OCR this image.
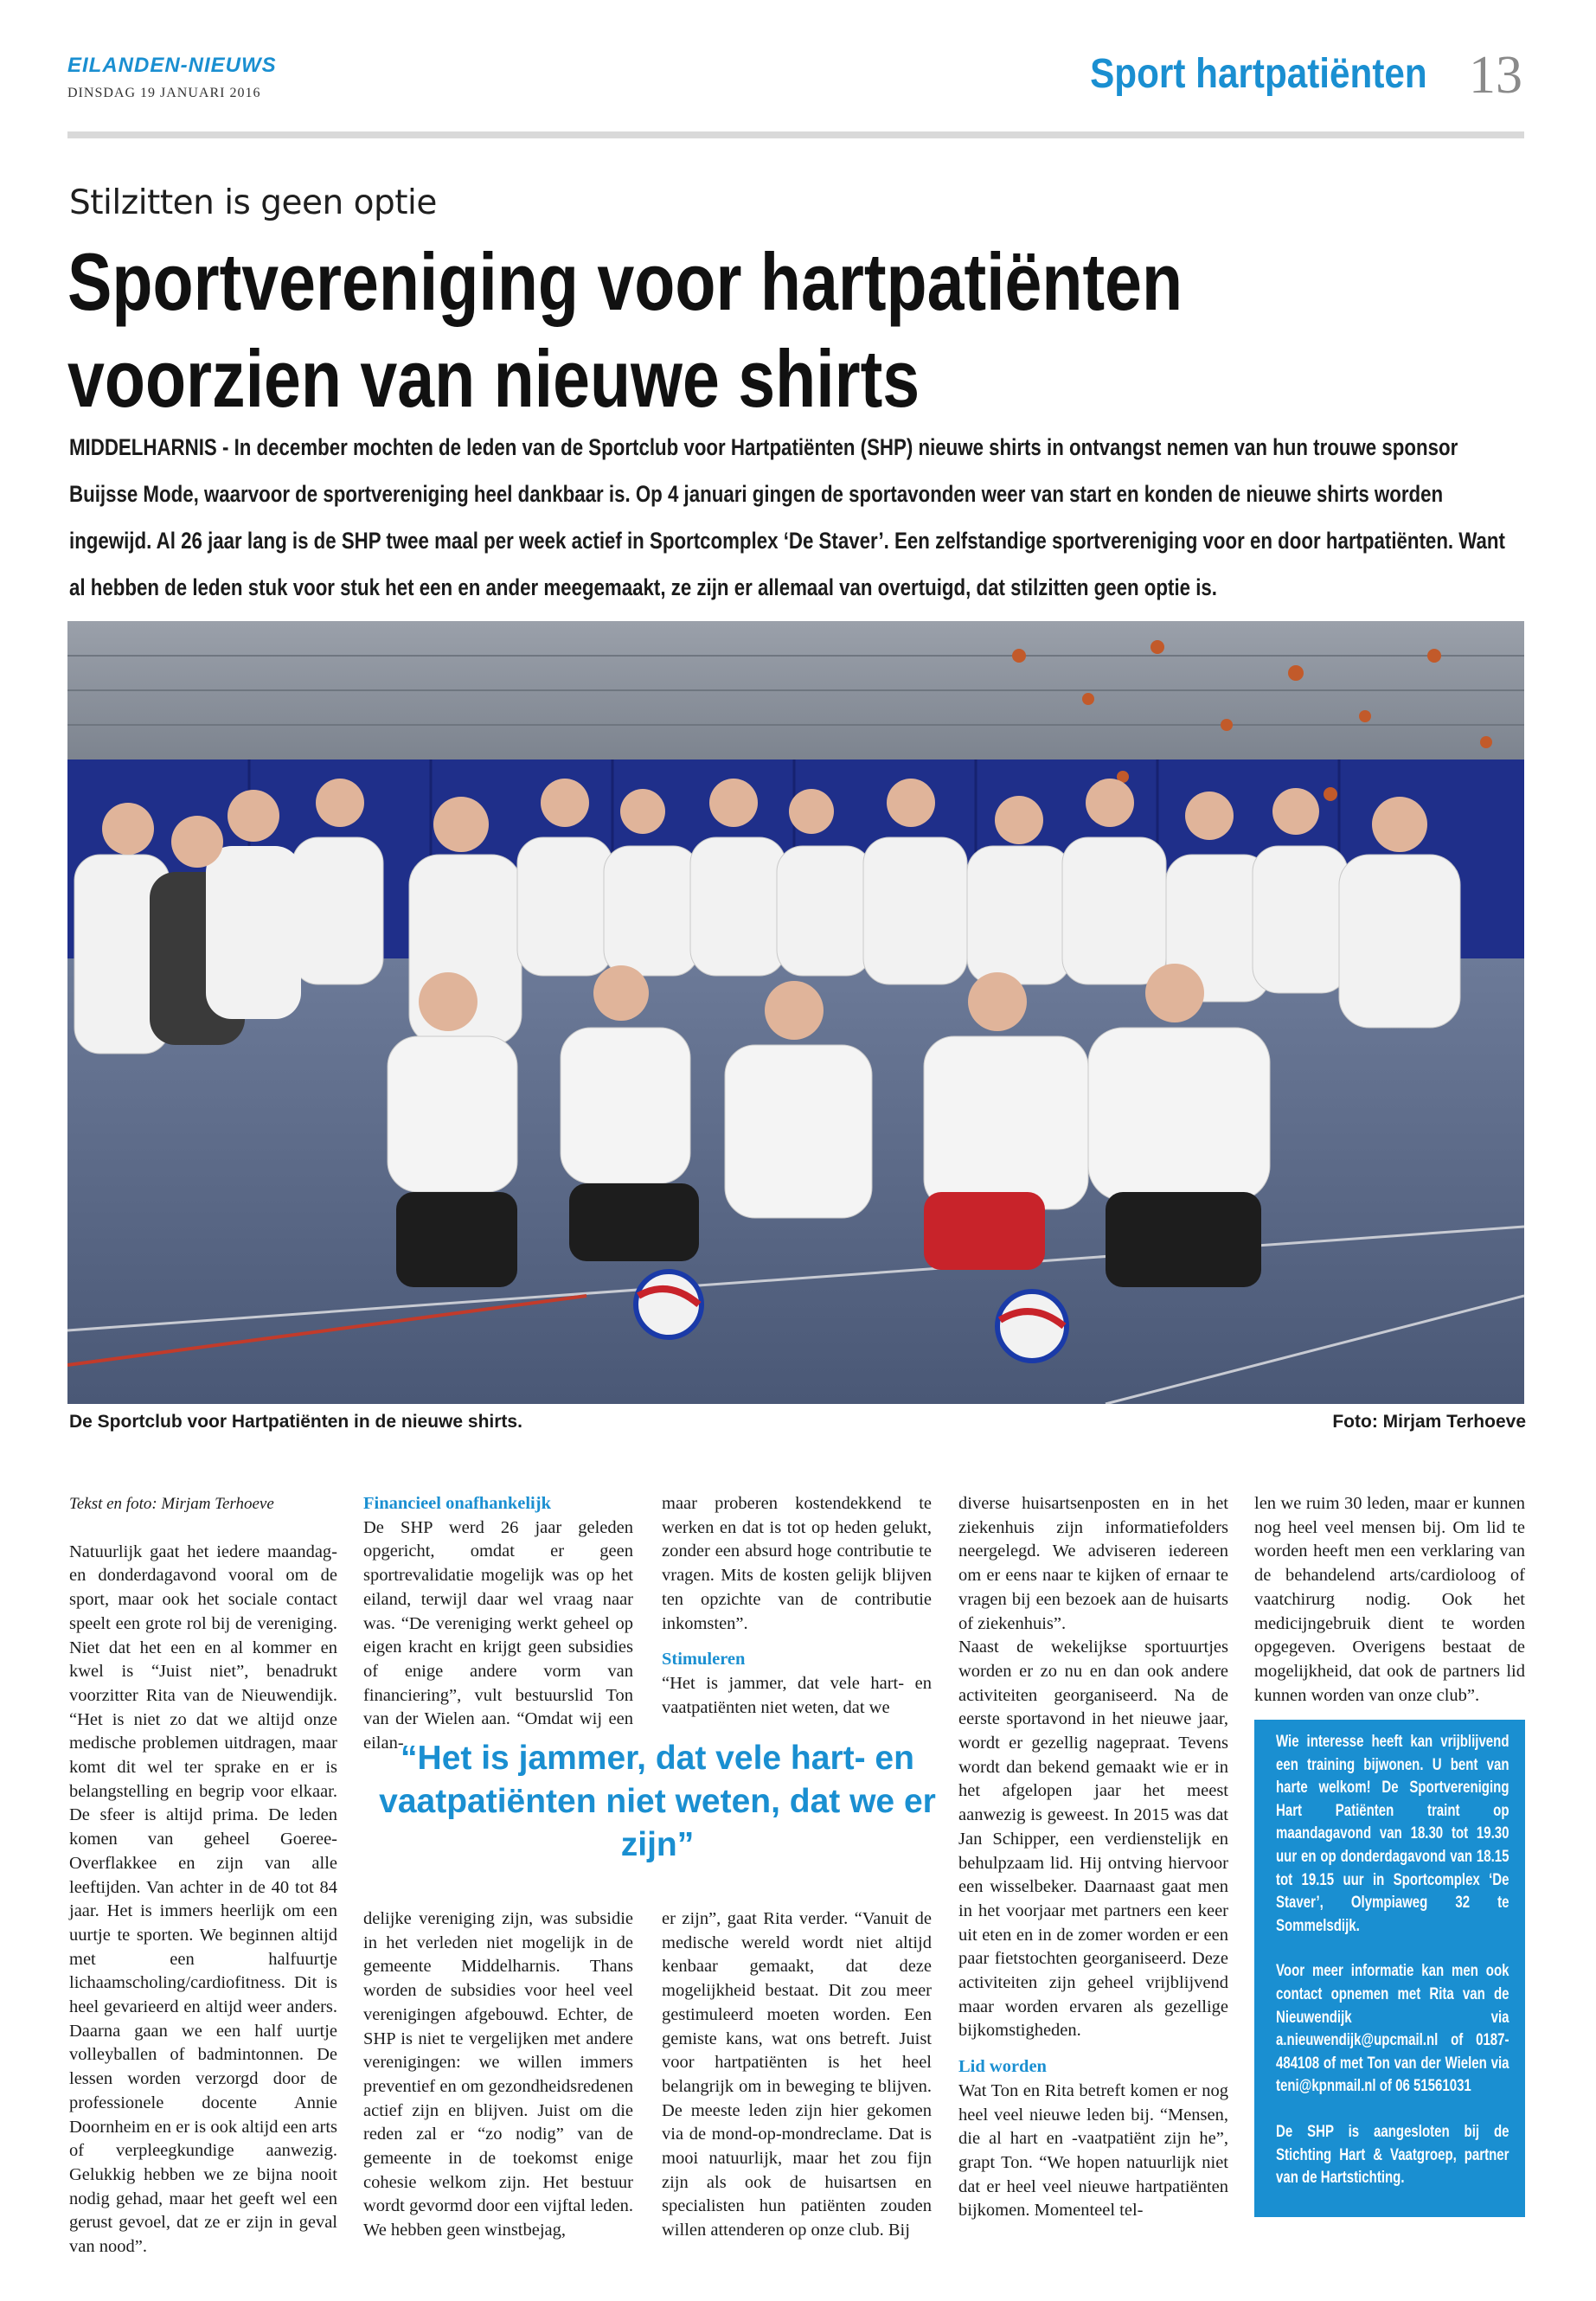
EILANDEN-NIEUWS
DINSDAG 19 JANUARI 2016	Sport hartpatiënten 13
Stilzitten is geen optie
Sportvereniging voor hartpatiënten
voorzien van nieuwe shirts
MIDDELHARNIS - In december mochten de leden van de Sportclub voor Hartpatiënten (SHP) nieuwe shirts in ontvangst nemen van hun trouwe sponsor Buijsse Mode, waarvoor de sportvereniging heel dankbaar is. Op 4 januari gingen de sportavonden weer van start en konden de nieuwe shirts worden ingewijd. Al 26 jaar lang is de SHP twee maal per week actief in Sportcomplex ‘De Staver’. Een zelfstandige sportvereniging voor en door hartpatiënten. Want al hebben de leden stuk voor stuk het een en ander meegemaakt, ze zijn er allemaal van overtuigd, dat stilzitten geen optie is.
De Sportclub voor Hartpatiënten in de nieuwe shirts.	Foto: Mirjam Terhoeve

Tekst en foto: Mirjam Terhoeve

Natuurlijk gaat het iedere maandag- en donderdagavond vooral om de sport, maar ook het sociale contact speelt een grote rol bij de vereniging. Niet dat het een en al kommer en kwel is “Juist niet”, benadrukt voorzitter Rita van de Nieuwendijk. “Het is niet zo dat we altijd onze medische problemen uitdragen, maar komt dit wel ter sprake en er is belangstelling en begrip voor elkaar. De sfeer is altijd prima. De leden komen van geheel Goeree-Overflakkee en zijn van alle leeftijden. Van achter in de 40 tot 84 jaar. Het is immers heerlijk om een uurtje te sporten. We beginnen altijd met een halfuurtje lichaamscholing/cardiofitness. Dit is heel gevarieerd en altijd weer anders. Daarna gaan we een half uurtje volleyballen of badmintonnen. De lessen worden verzorgd door de professionele docente Annie Doornheim en er is ook altijd een arts of verpleegkundige aanwezig. Gelukkig hebben we ze bijna nooit nodig gehad, maar het geeft wel een gerust gevoel, dat ze er zijn in geval van nood”.

Financieel onafhankelijk

De SHP werd 26 jaar geleden opgericht, omdat er geen sportrevalidatie mogelijk was op het eiland, terwijl daar wel vraag naar was. “De vereniging werkt geheel op eigen kracht en krijgt geen subsidies of enige andere vorm van financiering”, vult bestuurslid Ton van der Wielen aan. “Omdat wij een eilan-

delijke vereniging zijn, was subsidie in het verleden niet mogelijk in de gemeente Middelharnis. Thans worden de subsidies voor heel veel verenigingen afgebouwd. Echter, de SHP is niet te vergelijken met andere verenigingen: we willen immers preventief en om gezondheidsredenen actief zijn en blijven. Juist om die reden zal er “zo nodig” van de gemeente in de toekomst enige cohesie welkom zijn. Het bestuur wordt gevormd door een vijftal leden. We hebben geen winstbejag,

maar proberen kostendekkend te werken en dat is tot op heden gelukt, zonder een absurd hoge contributie te vragen. Mits de kosten gelijk blijven ten opzichte van de contributie inkomsten”.

Stimuleren

“Het is jammer, dat vele hart- en vaatpatiënten niet weten, dat we

er zijn”, gaat Rita verder. “Vanuit de medische wereld wordt niet altijd kenbaar gemaakt, dat deze mogelijkheid bestaat. Dit zou meer gestimuleerd moeten worden. Een gemiste kans, wat ons betreft. Juist voor hartpatiënten is het heel belangrijk om in beweging te blijven. De meeste leden zijn hier gekomen via de mond-op-mondreclame. Dat is mooi natuurlijk, maar het zou fijn zijn als ook de huisartsen en specialisten hun patiënten zouden willen attenderen op onze club. Bij

“Het is jammer, dat vele hart- en vaatpatiënten niet weten, dat we er zijn”

diverse huisartsenposten en in het ziekenhuis zijn informatiefolders neergelegd. We adviseren iedereen om er eens naar te kijken of ernaar te vragen bij een bezoek aan de huisarts of ziekenhuis”.

Naast de wekelijkse sportuurtjes worden er zo nu en dan ook andere activiteiten georganiseerd. Na de eerste sportavond in het nieuwe jaar, wordt er gezellig nagepraat. Tevens wordt dan bekend gemaakt wie er in het afgelopen jaar het meest aanwezig is geweest. In 2015 was dat Jan Schipper, een verdienstelijk en behulpzaam lid. Hij ontving hiervoor een wisselbeker. Daarnaast gaat men in het voorjaar met partners een keer uit eten en in de zomer worden er een paar fietstochten georganiseerd. Deze activiteiten zijn geheel vrijblijvend maar worden ervaren als gezellige bijkomstigheden.

Lid worden

Wat Ton en Rita betreft komen er nog heel veel nieuwe leden bij. “Mensen, die al hart en -vaatpatiënt zijn he”, grapt Ton. “We hopen natuurlijk niet dat er heel veel nieuwe hartpatiënten bijkomen. Momenteel tel-

len we ruim 30 leden, maar er kunnen nog heel veel mensen bij. Om lid te worden heeft men een verklaring van de behandelend arts/cardioloog of vaatchirurg nodig. Ook het medicijngebruik dient te worden opgegeven. Overigens bestaat de mogelijkheid, dat ook de partners lid kunnen worden van onze club”.

Wie interesse heeft kan vrijblijvend een training bijwonen. U bent van harte welkom! De Sportvereniging Hart Patiënten traint op maandagavond van 18.30 tot 19.30 uur en op donderdagavond van 18.15 tot 19.15 uur in Sportcomplex ‘De Staver’, Olympiaweg 32 te Sommelsdijk.

Voor meer informatie kan men ook contact opnemen met Rita van de Nieuwendijk via a.nieuwendijk@upcmail.nl of 0187-484108 of met Ton van der Wielen via teni@kpnmail.nl of 06 51561031

De SHP is aangesloten bij de Stichting Hart & Vaatgroep, partner van de Hartstichting.
